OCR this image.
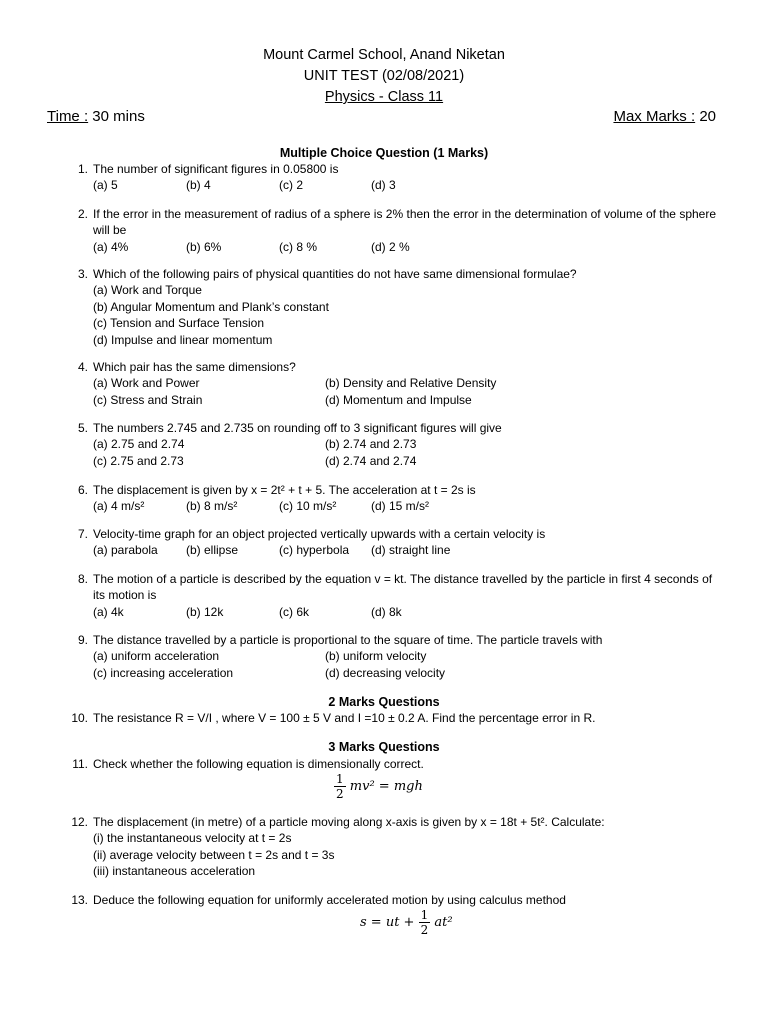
Mount Carmel School, Anand Niketan
UNIT TEST (02/08/2021)
Physics - Class 11
Time : 30 mins	Max Marks : 20
Multiple Choice Question (1 Marks)
1. The number of significant figures in 0.05800 is
(a) 5	(b) 4	(c) 2	(d) 3
2. If the error in the measurement of radius of a sphere is 2% then the error in the determination of volume of the sphere will be
(a) 4%	(b) 6%	(c) 8 %	(d) 2 %
3. Which of the following pairs of physical quantities do not have same dimensional formulae?
(a) Work and Torque
(b) Angular Momentum and Plank’s constant
(c) Tension and Surface Tension
(d) Impulse and linear momentum
4. Which pair has the same dimensions?
(a) Work and Power	(b) Density and Relative Density
(c) Stress and Strain	(d) Momentum and Impulse
5. The numbers 2.745 and 2.735 on rounding off to 3 significant figures will give
(a) 2.75 and 2.74	(b) 2.74 and 2.73
(c) 2.75 and 2.73	(d) 2.74 and 2.74
6. The displacement is given by x = 2t² + t + 5. The acceleration at t = 2s is
(a) 4 m/s²	(b) 8 m/s²	(c) 10 m/s²	(d) 15 m/s²
7. Velocity-time graph for an object projected vertically upwards with a certain velocity is
(a) parabola (b) ellipse	(c) hyperbola (d) straight line
8. The motion of a particle is described by the equation v = kt. The distance travelled by the particle in first 4 seconds of its motion is
(a) 4k	(b) 12k	(c) 6k	(d) 8k
9. The distance travelled by a particle is proportional to the square of time. The particle travels with
(a) uniform acceleration	(b) uniform velocity
(c) increasing acceleration	(d) decreasing velocity
2 Marks Questions
10. The resistance R = V/I , where V = 100 ± 5 V and I =10 ± 0.2 A. Find the percentage error in R.
3 Marks Questions
11. Check whether the following equation is dimensionally correct.
$\frac{1}{2} mv^2$ = mgh
12. The displacement (in metre) of a particle moving along x-axis is given by x = 18t + 5t². Calculate:
(i) the instantaneous velocity at t = 2s
(ii) average velocity between t = 2s and t = 3s
(iii) instantaneous acceleration
13. Deduce the following equation for uniformly accelerated motion by using calculus method
s = ut + $\frac{1}{2} at^2$
